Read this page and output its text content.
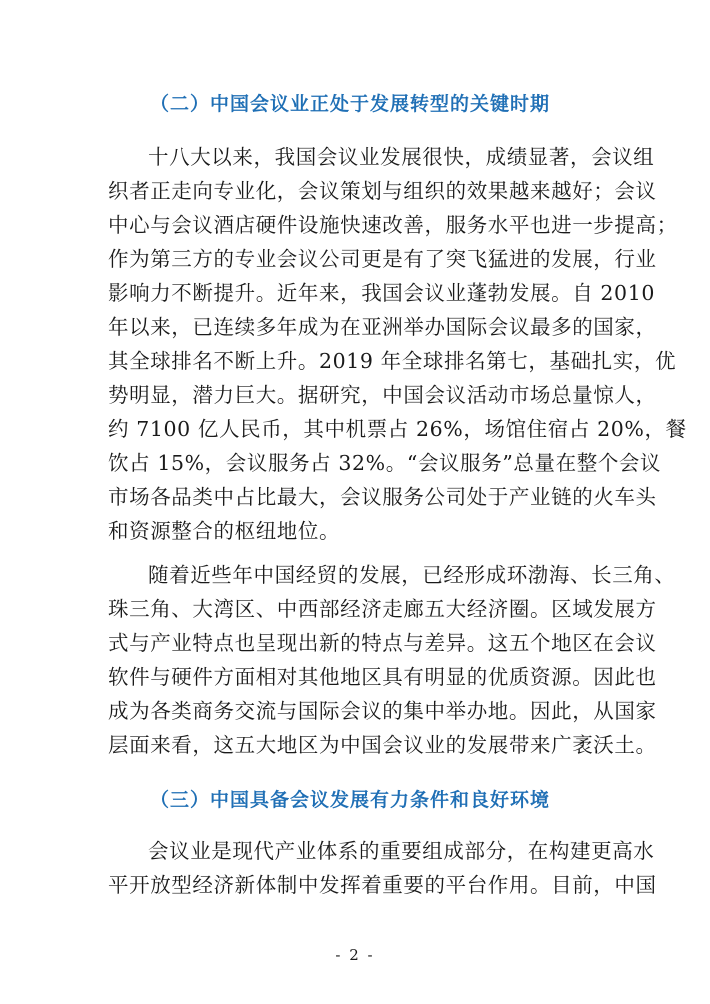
（二）中国会议业正处于发展转型的关键时期
十八大以来，我国会议业发展很快，成绩显著，会议组
织者正走向专业化，会议策划与组织的效果越来越好；会议
中心与会议酒店硬件设施快速改善，服务水平也进一步提高；
作为第三方的专业会议公司更是有了突飞猛进的发展，行业
影响力不断提升。近年来，我国会议业蓬勃发展。自 2010
年以来，已连续多年成为在亚洲举办国际会议最多的国家，
其全球排名不断上升。2019 年全球排名第七，基础扎实，优
势明显，潜力巨大。据研究，中国会议活动市场总量惊人，
约 7100 亿人民币，其中机票占 26%，场馆住宿占 20%，餐
饮占 15%，会议服务占 32%。“会议服务”总量在整个会议
市场各品类中占比最大，会议服务公司处于产业链的火车头
和资源整合的枢纽地位。
随着近些年中国经贸的发展，已经形成环渤海、长三角、
珠三角、大湾区、中西部经济走廊五大经济圈。区域发展方
式与产业特点也呈现出新的特点与差异。这五个地区在会议
软件与硬件方面相对其他地区具有明显的优质资源。因此也
成为各类商务交流与国际会议的集中举办地。因此，从国家
层面来看，这五大地区为中国会议业的发展带来广袤沃土。
（三）中国具备会议发展有力条件和良好环境
会议业是现代产业体系的重要组成部分，在构建更高水
平开放型经济新体制中发挥着重要的平台作用。目前，中国
- 2 -
